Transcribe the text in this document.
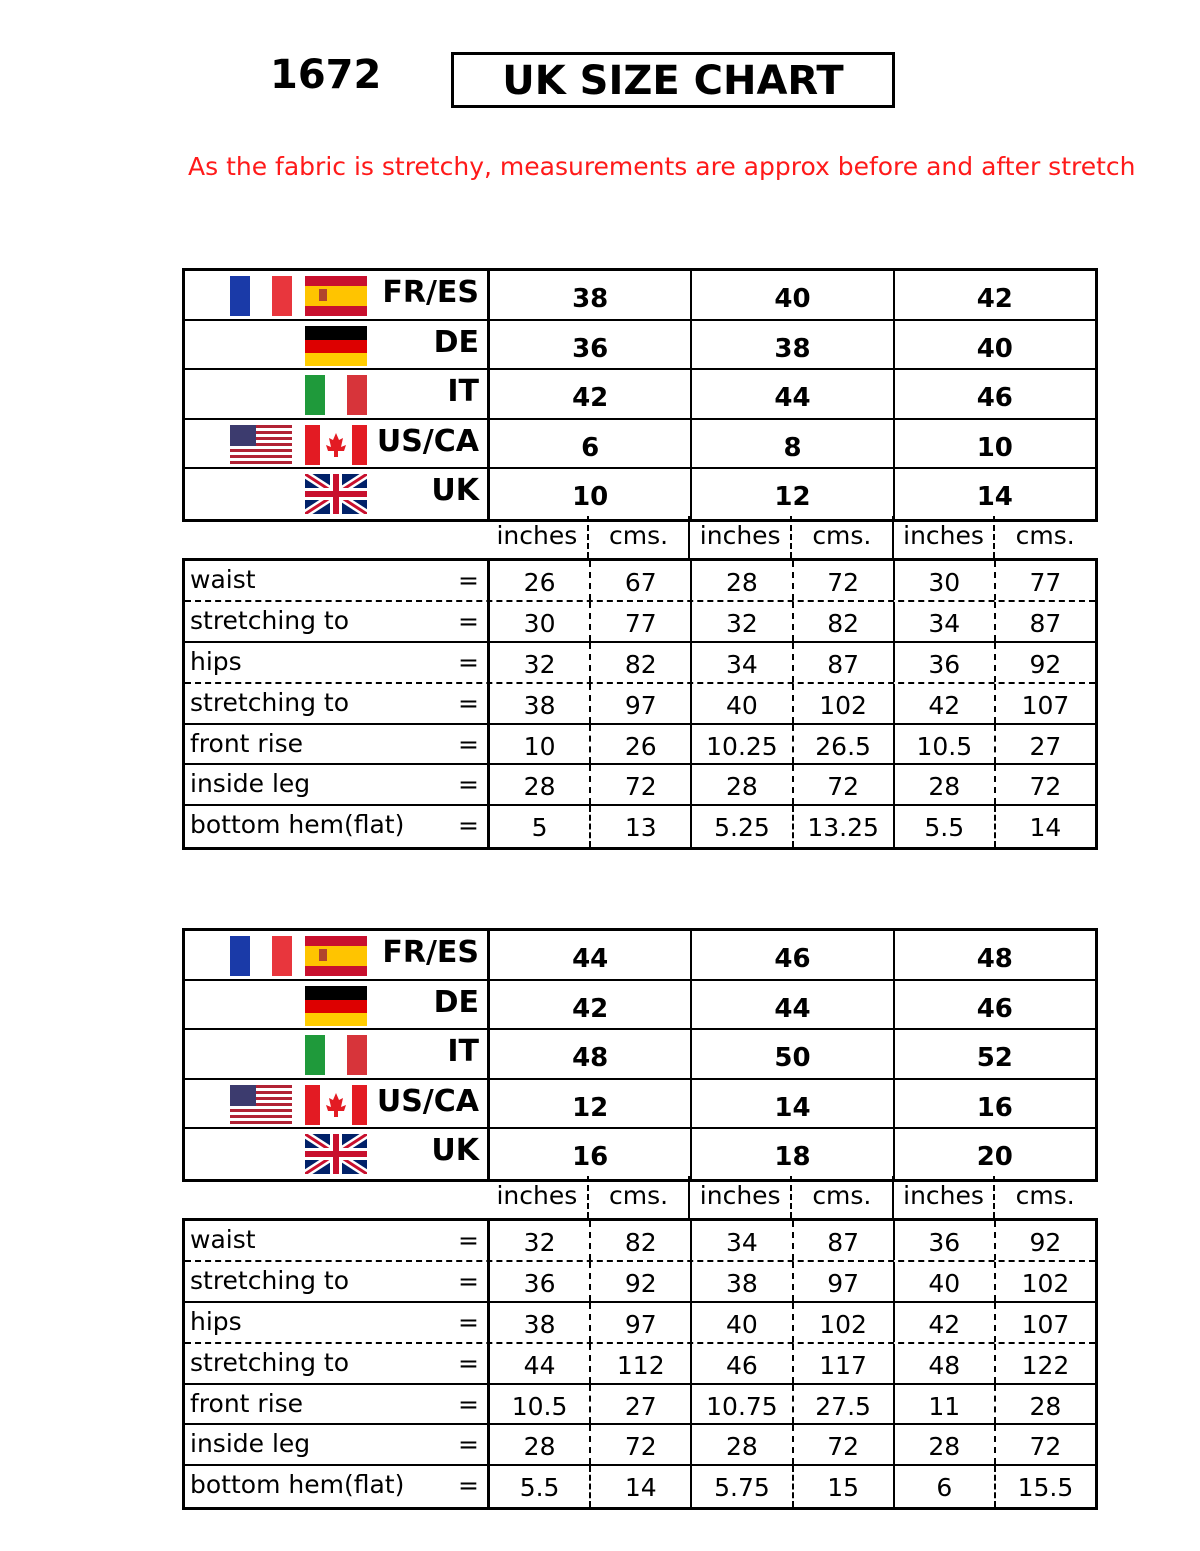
1672	UK SIZE CHART
As the fabric is stretchy, measurements are approx before and after stretch
FR/ES	38	40	42
DE	36	38	40
IT	42	44	46
US/CA	6	8	10
UK	10	12	14
inches	cms.	inches	cms.	inches	cms.
waist	=	26	67	28	72	30	77
stretching to	=	30	77	32	82	34	87
hips	=	32	82	34	87	36	92
stretching to	=	38	97	40	102	42	107
front rise	=	10	26	10.25	26.5	10.5	27
inside leg	=	28	72	28	72	28	72
bottom hem(flat)	=	5	13	5.25	13.25	5.5	14
FR/ES	44	46	48
DE	42	44	46
IT	48	50	52
US/CA	12	14	16
UK	16	18	20
inches	cms.	inches	cms.	inches	cms.
waist	=	32	82	34	87	36	92
stretching to	=	36	92	38	97	40	102
hips	=	38	97	40	102	42	107
stretching to	=	44	112	46	117	48	122
front rise	=	10.5	27	10.75	27.5	11	28
inside leg	=	28	72	28	72	28	72
bottom hem(flat)	=	5.5	14	5.75	15	6	15.5
